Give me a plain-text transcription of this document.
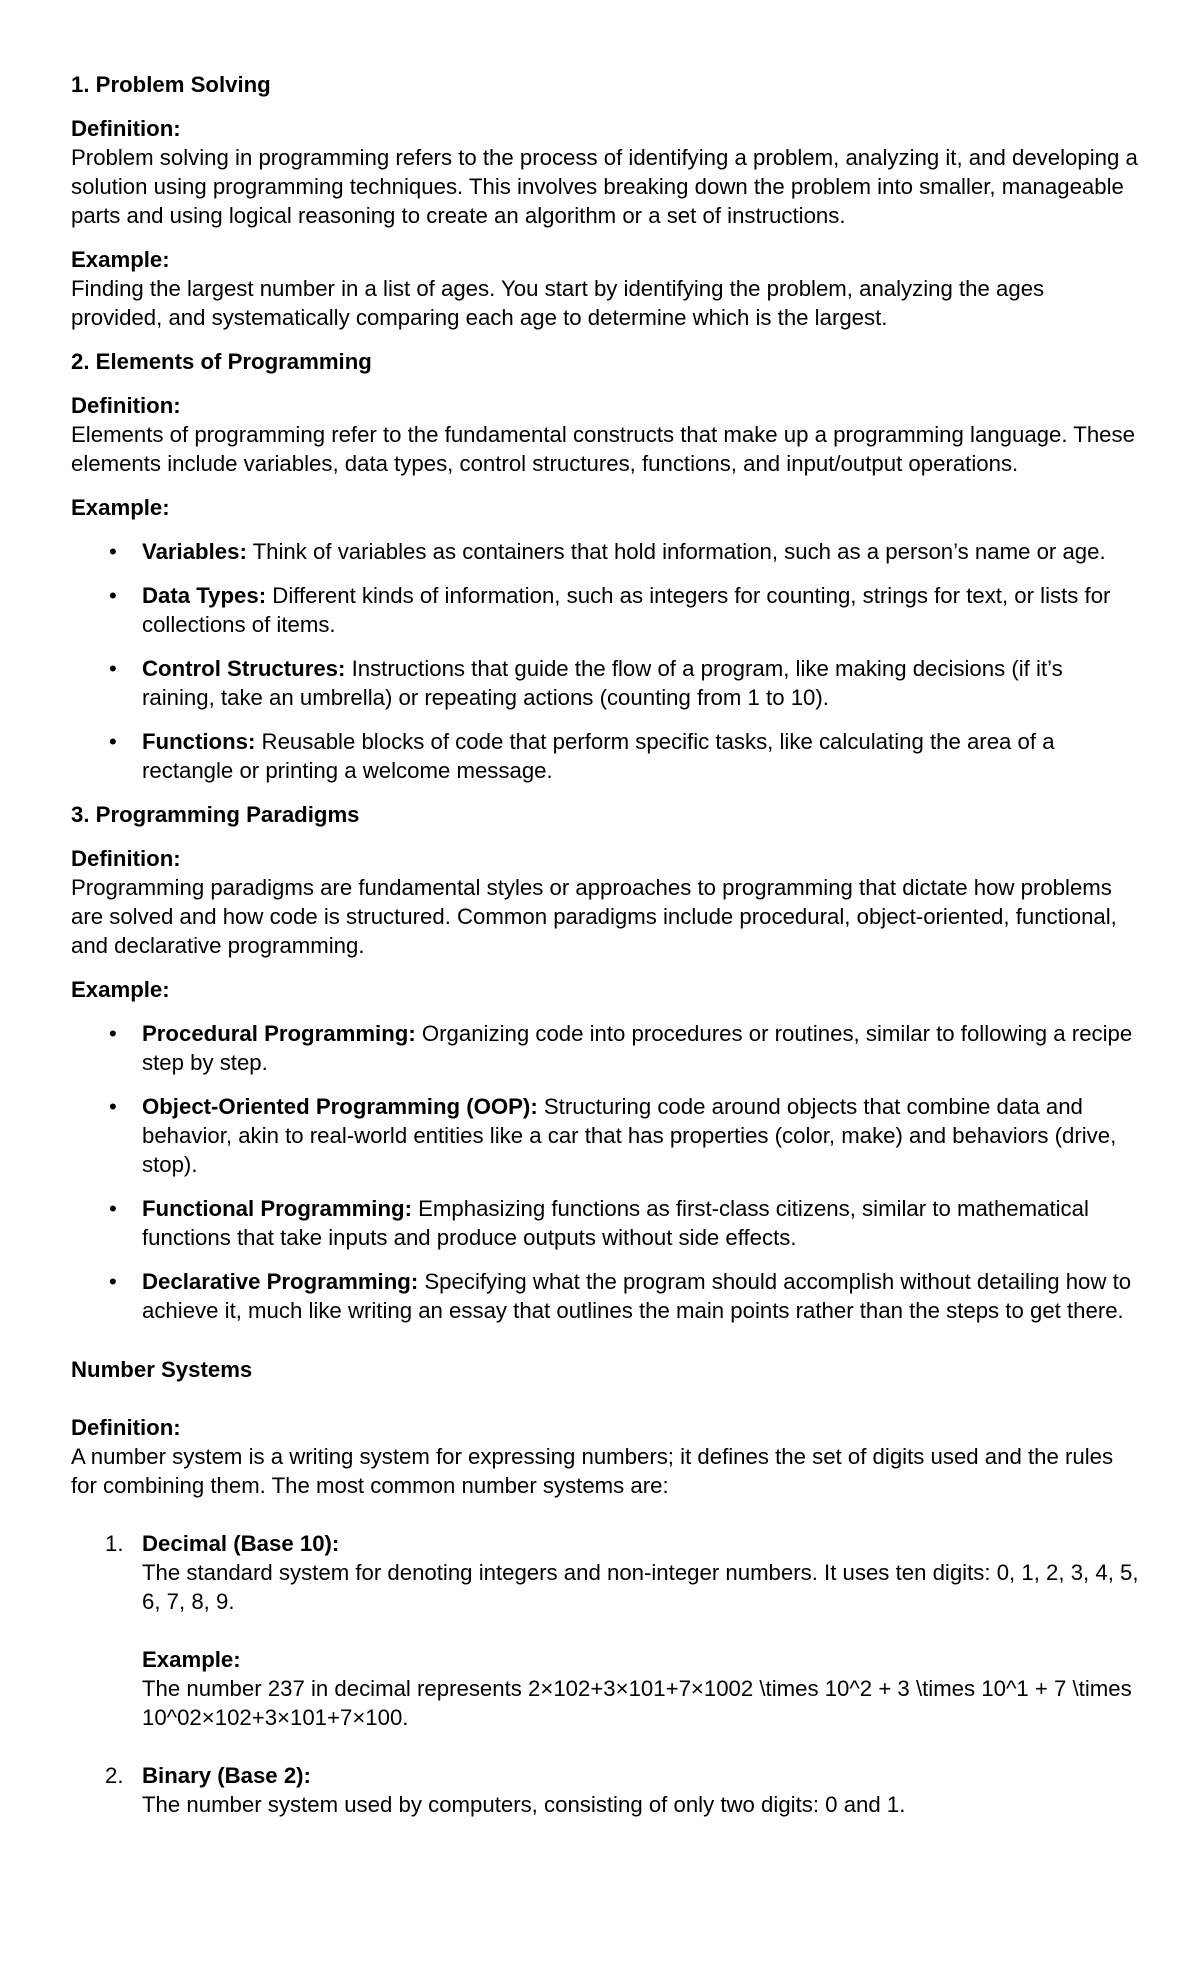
1. Problem Solving
Definition:
Problem solving in programming refers to the process of identifying a problem, analyzing it, and developing a solution using programming techniques. This involves breaking down the problem into smaller, manageable parts and using logical reasoning to create an algorithm or a set of instructions.
Example:
Finding the largest number in a list of ages. You start by identifying the problem, analyzing the ages provided, and systematically comparing each age to determine which is the largest.
2. Elements of Programming
Definition:
Elements of programming refer to the fundamental constructs that make up a programming language. These elements include variables, data types, control structures, functions, and input/output operations.
Example:
• Variables: Think of variables as containers that hold information, such as a person’s name or age.
• Data Types: Different kinds of information, such as integers for counting, strings for text, or lists for collections of items.
• Control Structures: Instructions that guide the flow of a program, like making decisions (if it’s raining, take an umbrella) or repeating actions (counting from 1 to 10).
• Functions: Reusable blocks of code that perform specific tasks, like calculating the area of a rectangle or printing a welcome message.
3. Programming Paradigms
Definition:
Programming paradigms are fundamental styles or approaches to programming that dictate how problems are solved and how code is structured. Common paradigms include procedural, object-oriented, functional, and declarative programming.
Example:
• Procedural Programming: Organizing code into procedures or routines, similar to following a recipe step by step.
• Object-Oriented Programming (OOP): Structuring code around objects that combine data and behavior, akin to real-world entities like a car that has properties (color, make) and behaviors (drive, stop).
• Functional Programming: Emphasizing functions as first-class citizens, similar to mathematical functions that take inputs and produce outputs without side effects.
• Declarative Programming: Specifying what the program should accomplish without detailing how to achieve it, much like writing an essay that outlines the main points rather than the steps to get there.
Number Systems
Definition:
A number system is a writing system for expressing numbers; it defines the set of digits used and the rules for combining them. The most common number systems are:
1. Decimal (Base 10):
The standard system for denoting integers and non-integer numbers. It uses ten digits: 0, 1, 2, 3, 4, 5, 6, 7, 8, 9.
Example:
The number 237 in decimal represents 2×102+3×101+7×1002 \times 10^2 + 3 \times 10^1 + 7 \times 10^02×102+3×101+7×100.
2. Binary (Base 2):
The number system used by computers, consisting of only two digits: 0 and 1.
